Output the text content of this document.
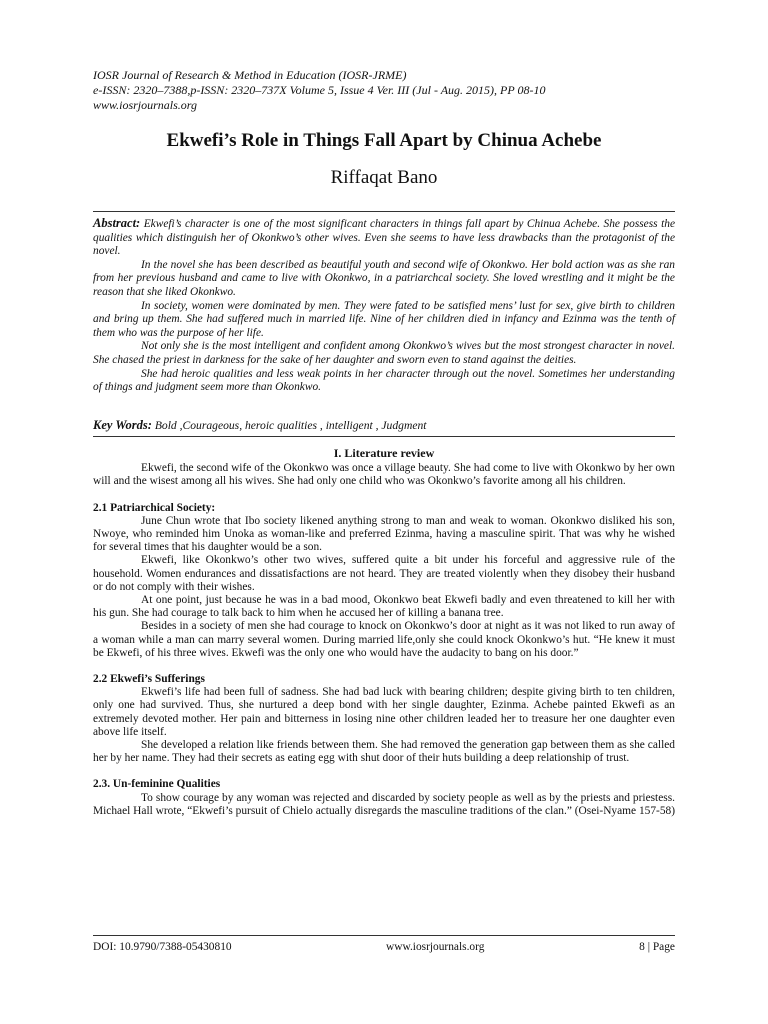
IOSR Journal of Research & Method in Education (IOSR-JRME)
e-ISSN: 2320–7388,p-ISSN: 2320–737X Volume 5, Issue 4 Ver. III (Jul - Aug. 2015), PP 08-10
www.iosrjournals.org
Ekwefi’s Role in Things Fall Apart by Chinua Achebe
Riffaqat Bano

Abstract: Ekwefi’s character is one of the most significant characters in things fall apart by Chinua Achebe. She possess the qualities which distinguish her of Okonkwo’s other wives. Even she seems to have less drawbacks than the protagonist of the novel.

In the novel she has been described as beautiful youth and second wife of Okonkwo. Her bold action was as she ran from her previous husband and came to live with Okonkwo, in a patriarchcal society. She loved wrestling and it might be the reason that she liked Okonkwo.

In society, women were dominated by men. They were fated to be satisfied mens’ lust for sex, give birth to children and bring up them. She had suffered much in married life. Nine of her children died in infancy and Ezinma was the tenth of them who was the purpose of her life.

Not only she is the most intelligent and confident among Okonkwo’s wives but the most strongest character in novel. She chased the priest in darkness for the sake of her daughter and sworn even to stand against the deities.

She had heroic qualities and less weak points in her character through out the novel. Sometimes her understanding of things and judgment seem more than Okonkwo.

Key Words: Bold ,Courageous, heroic qualities , intelligent , Judgment

I. Literature review

Ekwefi, the second wife of the Okonkwo was once a village beauty. She had come to live with Okonkwo by her own will and the wisest among all his wives. She had only one child who was Okonkwo’s favorite among all his children.

2.1 Patriarchical Society:

June Chun wrote that Ibo society likened anything strong to man and weak to woman. Okonkwo disliked his son, Nwoye, who reminded him Unoka as woman-like and preferred Ezinma, having a masculine spirit. That was why he wished for several times that his daughter would be a son.

Ekwefi, like Okonkwo’s other two wives, suffered quite a bit under his forceful and aggressive rule of the household. Women endurances and dissatisfactions are not heard. They are treated violently when they disobey their husband or do not comply with their wishes.

At one point, just because he was in a bad mood, Okonkwo beat Ekwefi badly and even threatened to kill her with his gun. She had courage to talk back to him when he accused her of killing a banana tree.

Besides in a society of men she had courage to knock on Okonkwo’s door at night as it was not liked to run away of a woman while a man can marry several women. During married life,only she could knock Okonkwo’s hut. “He knew it must be Ekwefi, of his three wives. Ekwefi was the only one who would have the audacity to bang on his door.”

2.2 Ekwefi’s Sufferings

Ekwefi’s life had been full of sadness. She had bad luck with bearing children; despite giving birth to ten children, only one had survived. Thus, she nurtured a deep bond with her single daughter, Ezinma. Achebe painted Ekwefi as an extremely devoted mother. Her pain and bitterness in losing nine other children leaded her to treasure her one daughter even above life itself.

She developed a relation like friends between them. She had removed the generation gap between them as she called her by her name. They had their secrets as eating egg with shut door of their huts building a deep relationship of trust.

2.3. Un-feminine Qualities

To show courage by any woman was rejected and discarded by society people as well as by the priests and priestess. Michael Hall wrote, “Ekwefi’s pursuit of Chielo actually disregards the masculine traditions of the clan.” (Osei-Nyame 157-58)

DOI: 10.9790/7388-05430810	www.iosrjournals.org	8 | Page
